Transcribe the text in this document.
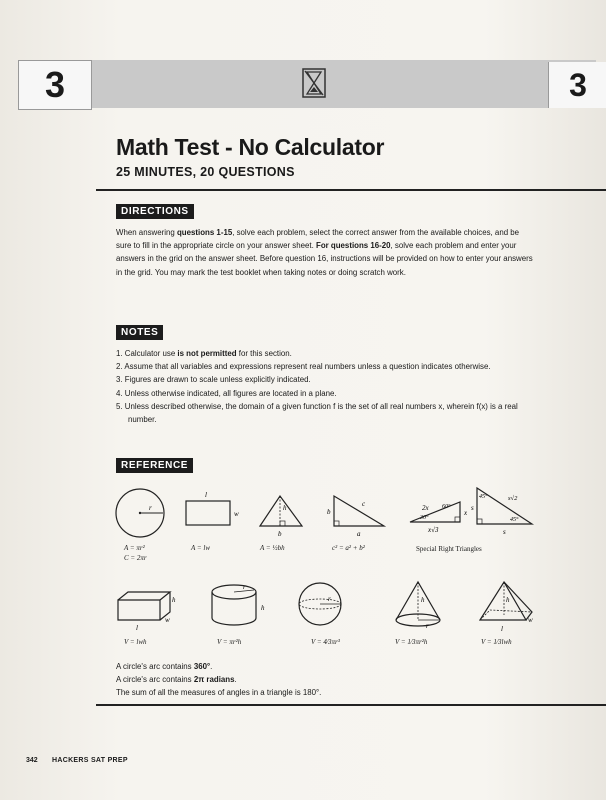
3	3
Math Test - No Calculator
25 MINUTES, 20 QUESTIONS
DIRECTIONS
When answering questions 1-15, solve each problem, select the correct answer from the available choices, and be sure to fill in the appropriate circle on your answer sheet. For questions 16-20, solve each problem and enter your answers in the grid on the answer sheet. Before question 16, instructions will be provided on how to enter your answers in the grid. You may mark the test booklet when taking notes or doing scratch work.
NOTES
1. Calculator use is not permitted for this section.
2. Assume that all variables and expressions represent real numbers unless a question indicates otherwise.
3. Figures are drawn to scale unless explicitly indicated.
4. Unless otherwise indicated, all figures are located in a plane.
5. Unless described otherwise, the domain of a given function f is the set of all real numbers x, wherein f(x) is a real number.
REFERENCE
r
l
w
h
b
b
c
a
2x 60°
30°
x
x√3
45°	s√2
s
45°
s
A = πr²
C = 2πr
A = lw	A = ½bh	c² = a² + b²	Special Right Triangles
h
w
l
r
h
r	h
r
h
w
l
V = lwh	V = πr²h	V = 4⁄3πr³	V = 1⁄3πr²h	V = 1⁄3lwh
A circle's arc contains 360°.
A circle's arc contains 2π radians.
The sum of all the measures of angles in a triangle is 180°.
342 HACKERS SAT PREP
